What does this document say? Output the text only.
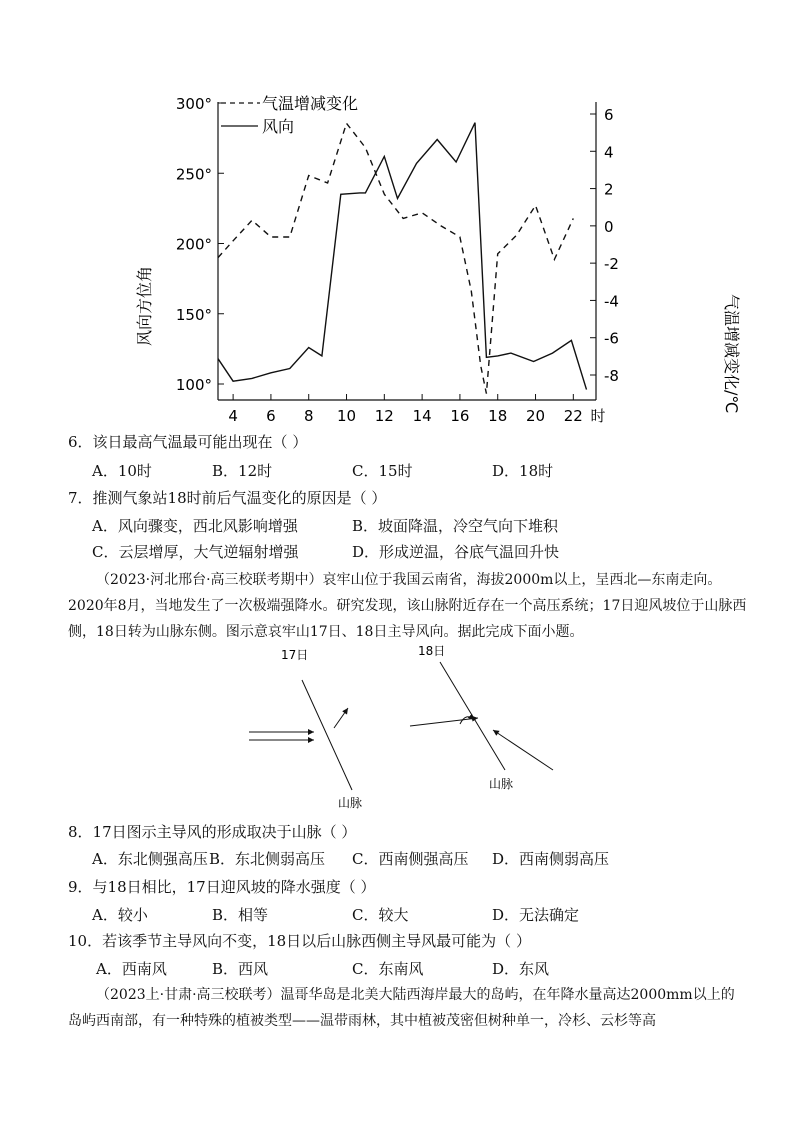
300°
250°
200°
150°
100°
6
4
2
0
-2
-4
-6
-8
4 6 8 10 12 14 16 18 20 22 时
气温增减变化
风向
风向方位角	气温增减变化/℃
6．该日最高气温最可能出现在（ ）
A．10时	B．12时	C．15时	D．18时
7．推测气象站18时前后气温变化的原因是（ ）
A．风向骤变，西北风影响增强	B．坡面降温，冷空气向下堆积
C．云层增厚，大气逆辐射增强	D．形成逆温，谷底气温回升快
（2023·河北邢台·高三校联考期中）哀牢山位于我国云南省，海拔2000m以上，呈西北—东南走向。2020年8月，当地发生了一次极端强降水。研究发现，该山脉附近存在一个高压系统；17日迎风坡位于山脉西侧，18日转为山脉东侧。图示意哀牢山17日、18日主导风向。据此完成下面小题。
17日
山脉
18日
山脉
8．17日图示主导风的形成取决于山脉（ ）
A．东北侧强高压 B．东北侧弱高压 C．西南侧强高压 D．西南侧弱高压
9．与18日相比，17日迎风坡的降水强度（ ）
A．较小	B．相等	C．较大	D．无法确定
10．若该季节主导风向不变，18日以后山脉西侧主导风最可能为（ ）
A．西南风	B．西风	C．东南风	D．东风
（2023上·甘肃·高三校联考）温哥华岛是北美大陆西海岸最大的岛屿，在年降水量高达2000mm以上的岛屿西南部，有一种特殊的植被类型——温带雨林，其中植被茂密但树种单一，冷杉、云杉等高
